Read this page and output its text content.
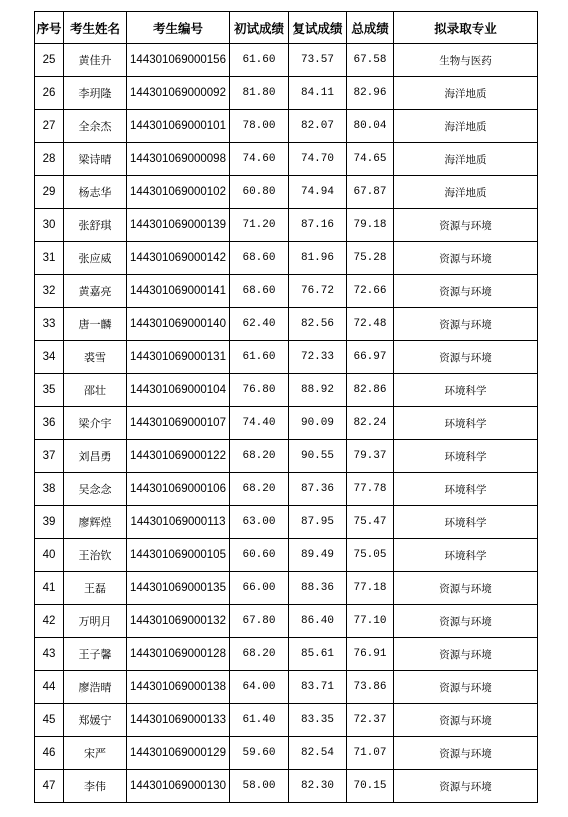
序号	考生姓名	考生编号	初试成绩	复试成绩	总成绩	拟录取专业
25	黄佳升	144301069000156	61.60	73.57	67.58	生物与医药
26	李玥隆	144301069000092	81.80	84.11	82.96	海洋地质
27	全余杰	144301069000101	78.00	82.07	80.04	海洋地质
28	梁诗晴	144301069000098	74.60	74.70	74.65	海洋地质
29	杨志华	144301069000102	60.80	74.94	67.87	海洋地质
30	张舒琪	144301069000139	71.20	87.16	79.18	资源与环境
31	张应威	144301069000142	68.60	81.96	75.28	资源与环境
32	黄嘉亮	144301069000141	68.60	76.72	72.66	资源与环境
33	唐一麟	144301069000140	62.40	82.56	72.48	资源与环境
34	裘雪	144301069000131	61.60	72.33	66.97	资源与环境
35	邵壮	144301069000104	76.80	88.92	82.86	环境科学
36	梁介宇	144301069000107	74.40	90.09	82.24	环境科学
37	刘昌勇	144301069000122	68.20	90.55	79.37	环境科学
38	吴念念	144301069000106	68.20	87.36	77.78	环境科学
39	廖辉煌	144301069000113	63.00	87.95	75.47	环境科学
40	王治钦	144301069000105	60.60	89.49	75.05	环境科学
41	王磊	144301069000135	66.00	88.36	77.18	资源与环境
42	万明月	144301069000132	67.80	86.40	77.10	资源与环境
43	王子馨	144301069000128	68.20	85.61	76.91	资源与环境
44	廖浩晴	144301069000138	64.00	83.71	73.86	资源与环境
45	郑媛宁	144301069000133	61.40	83.35	72.37	资源与环境
46	宋严	144301069000129	59.60	82.54	71.07	资源与环境
47	李伟	144301069000130	58.00	82.30	70.15	资源与环境
